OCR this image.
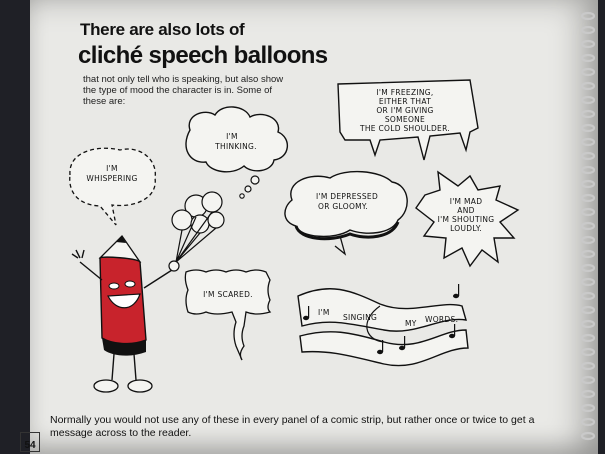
There are also lots of
cliché speech balloons
that not only tell who is speaking, but also show the type of mood the character is in. Some of these are:
I'M
WHISPERING
I'M
THINKING.
I'M FREEZING,
EITHER THAT
OR I'M GIVING
SOMEONE
THE COLD SHOULDER.
I'M DEPRESSED
OR GLOOMY.
I'M MAD
AND
I'M SHOUTING
LOUDLY.
I'M SCARED.
I'M
SINGING
MY WORDS.
Normally you would not use any of these in every panel of a comic strip, but rather once or twice to get a message across to the reader.
54
